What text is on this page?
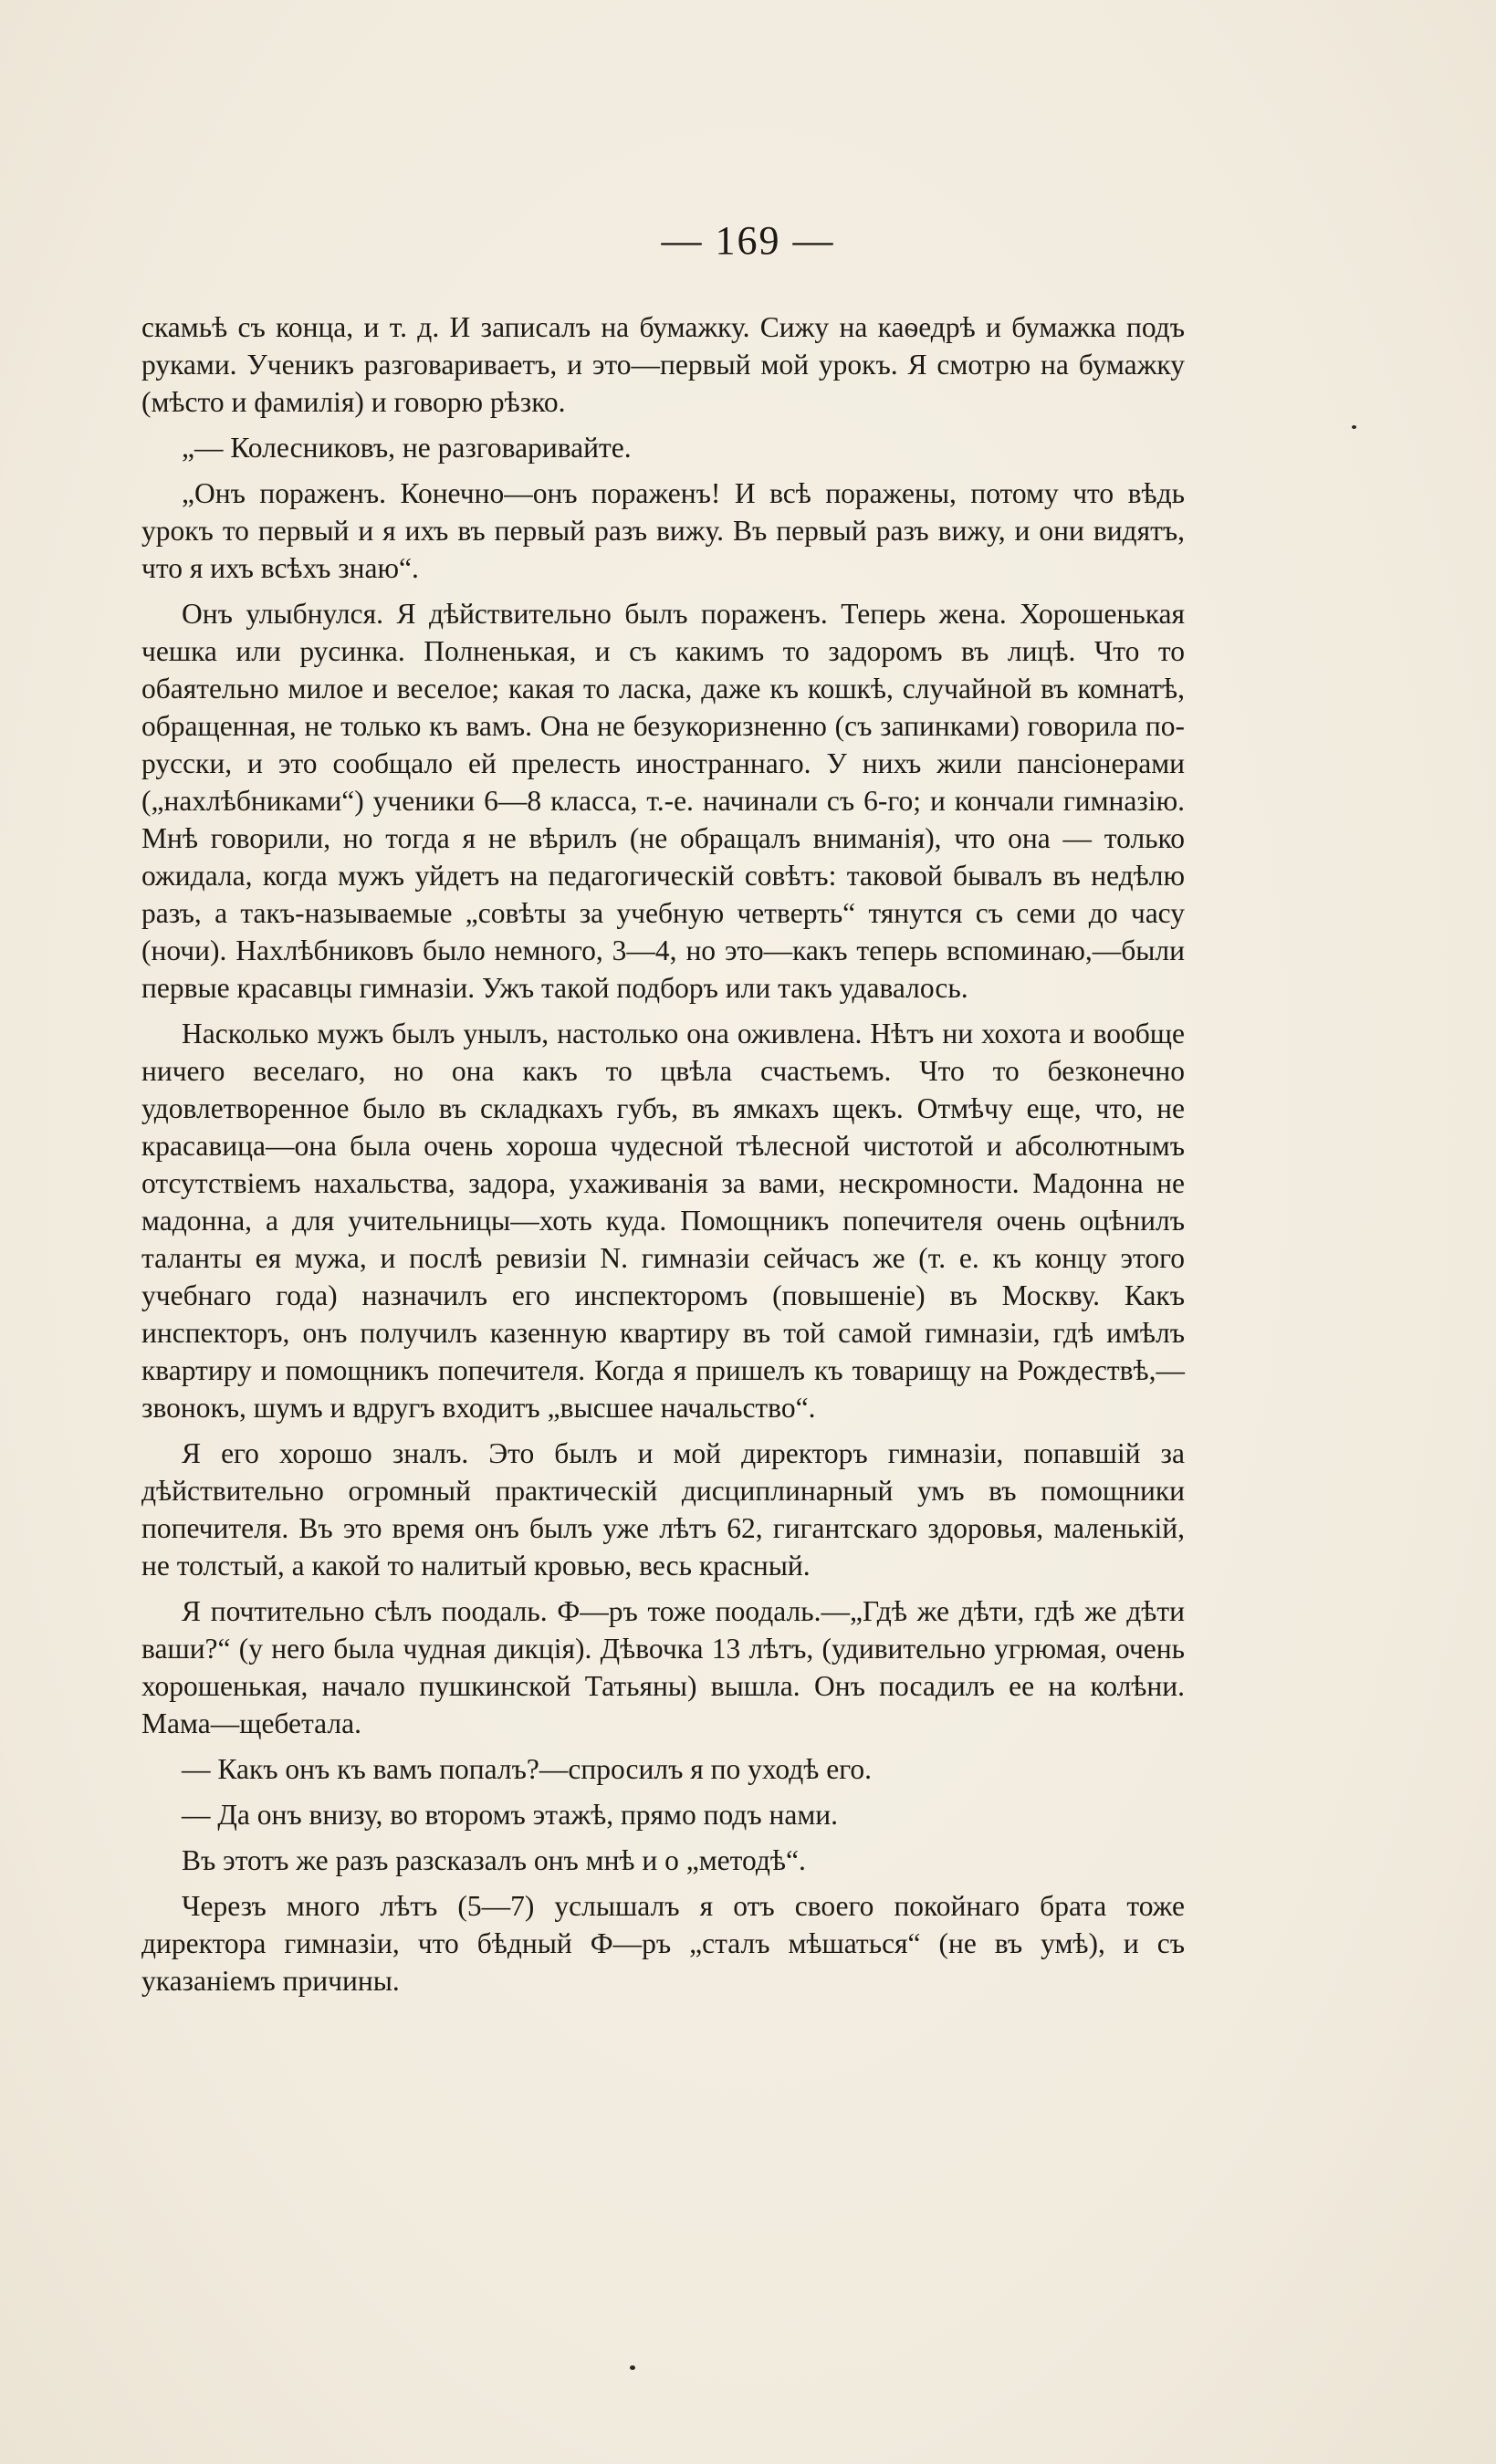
— 169 —

скамьѣ съ конца, и т. д. И записалъ на бумажку. Сижу на каѳедрѣ и бумажка подъ руками. Ученикъ разговариваетъ, и это—первый мой урокъ. Я смотрю на бумажку (мѣсто и фамилія) и говорю рѣзко.

„— Колесниковъ, не разговаривайте.

„Онъ пораженъ. Конечно—онъ пораженъ! И всѣ поражены, потому что вѣдь урокъ то первый и я ихъ въ первый разъ вижу. Въ первый разъ вижу, и они видятъ, что я ихъ всѣхъ знаю“.

Онъ улыбнулся. Я дѣйствительно былъ пораженъ. Теперь жена. Хорошенькая чешка или русинка. Полненькая, и съ какимъ то задоромъ въ лицѣ. Что то обаятельно милое и веселое; какая то ласка, даже къ кошкѣ, случайной въ комнатѣ, обращенная, не только къ вамъ. Она не безукоризненно (съ запинками) говорила по-русски, и это сообщало ей прелесть иностраннаго. У нихъ жили пансіонерами („нахлѣбниками“) ученики 6—8 класса, т.-е. начинали съ 6-го; и кончали гимназію. Мнѣ говорили, но тогда я не вѣрилъ (не обращалъ вниманія), что она — только ожидала, когда мужъ уйдетъ на педагогическій совѣтъ: таковой бывалъ въ недѣлю разъ, а такъ-называемые „совѣты за учебную четверть“ тянутся съ семи до часу (ночи). Нахлѣбниковъ было немного, 3—4, но это—какъ теперь вспоминаю,—были первые красавцы гимназіи. Ужъ такой подборъ или такъ удавалось.

Насколько мужъ былъ унылъ, настолько она оживлена. Нѣтъ ни хохота и вообще ничего веселаго, но она какъ то цвѣла счастьемъ. Что то безконечно удовлетворенное было въ складкахъ губъ, въ ямкахъ щекъ. Отмѣчу еще, что, не красавица—она была очень хороша чудесной тѣлесной чистотой и абсолютнымъ отсутствіемъ нахальства, задора, ухаживанія за вами, нескромности. Мадонна не мадонна, а для учительницы—хоть куда. Помощникъ попечителя очень оцѣнилъ таланты ея мужа, и послѣ ревизіи N. гимназіи сейчасъ же (т. е. къ концу этого учебнаго года) назначилъ его инспекторомъ (повышеніе) въ Москву. Какъ инспекторъ, онъ получилъ казенную квартиру въ той самой гимназіи, гдѣ имѣлъ квартиру и помощникъ попечителя. Когда я пришелъ къ товарищу на Рождествѣ,—звонокъ, шумъ и вдругъ входитъ „высшее начальство“.

Я его хорошо зналъ. Это былъ и мой директоръ гимназіи, попавшій за дѣйствительно огромный практическій дисциплинарный умъ въ помощники попечителя. Въ это время онъ былъ уже лѣтъ 62, гигантскаго здоровья, маленькій, не толстый, а какой то налитый кровью, весь красный.

Я почтительно сѣлъ поодаль. Ф—ръ тоже поодаль.—„Гдѣ же дѣти, гдѣ же дѣти ваши?“ (у него была чудная дикція). Дѣвочка 13 лѣтъ, (удивительно угрюмая, очень хорошенькая, начало пушкинской Татьяны) вышла. Онъ посадилъ ее на колѣни. Мама—щебетала.

— Какъ онъ къ вамъ попалъ?—спросилъ я по уходѣ его.

— Да онъ внизу, во второмъ этажѣ, прямо подъ нами.

Въ этотъ же разъ разсказалъ онъ мнѣ и о „методѣ“.

Черезъ много лѣтъ (5—7) услышалъ я отъ своего покойнаго брата тоже директора гимназіи, что бѣдный Ф—ръ „сталъ мѣшаться“ (не въ умѣ), и съ указаніемъ причины.
